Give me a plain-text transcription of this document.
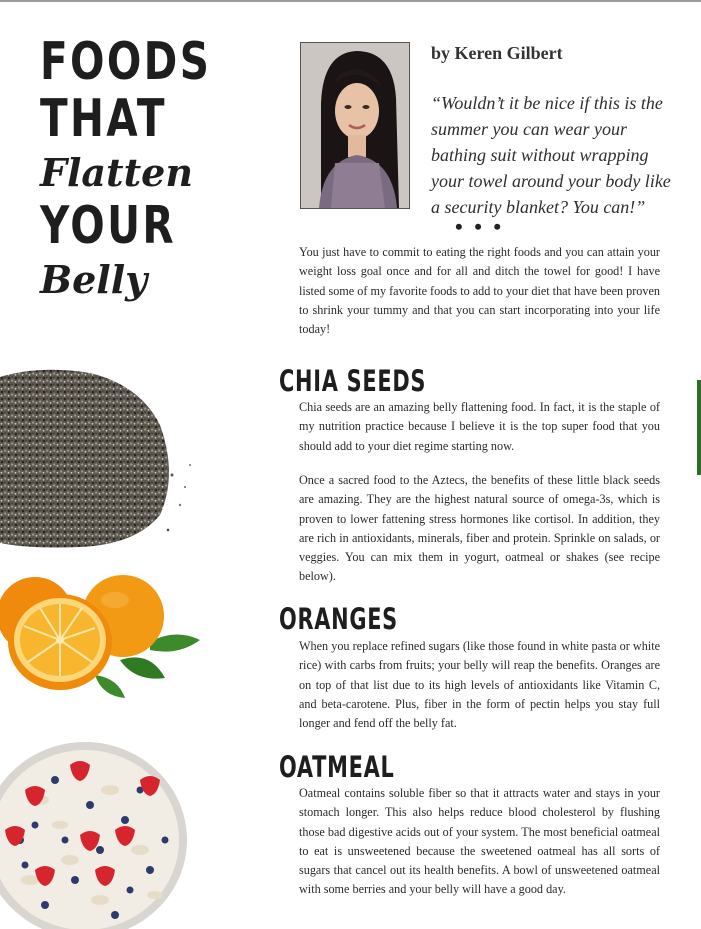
FOODS
THAT
Flatten
YOUR
Belly
by Keren Gilbert
“Wouldn’t it be nice if this is the summer you can wear your bathing suit without wrapping your towel around your body like a security blanket? You can!”
• • •
You just have to commit to eating the right foods and you can attain your weight loss goal once and for all and ditch the towel for good! I have listed some of my favorite foods to add to your diet that have been proven to shrink your tummy and that you can start incorporating into your life today!
CHIA SEEDS
Chia seeds are an amazing belly flattening food. In fact, it is the staple of my nutrition practice because I believe it is the top super food that you should add to your diet regime starting now.
Once a sacred food to the Aztecs, the benefits of these little black seeds are amazing. They are the highest natural source of omega-3s, which is proven to lower fattening stress hormones like cortisol. In addition, they are rich in antioxidants, minerals, fiber and protein. Sprinkle on salads, or veggies. You can mix them in yogurt, oatmeal or shakes (see recipe below).
ORANGES
When you replace refined sugars (like those found in white pasta or white rice) with carbs from fruits; your belly will reap the benefits. Oranges are on top of that list due to its high levels of antioxidants like Vitamin C, and beta-carotene. Plus, fiber in the form of pectin helps you stay full longer and fend off the belly fat.
OATMEAL
Oatmeal contains soluble fiber so that it attracts water and stays in your stomach longer. This also helps reduce blood cholesterol by flushing those bad digestive acids out of your system. The most beneficial oatmeal to eat is unsweetened because the sweetened oatmeal has all sorts of sugars that cancel out its health benefits. A bowl of unsweetened oatmeal with some berries and your belly will have a good day.
